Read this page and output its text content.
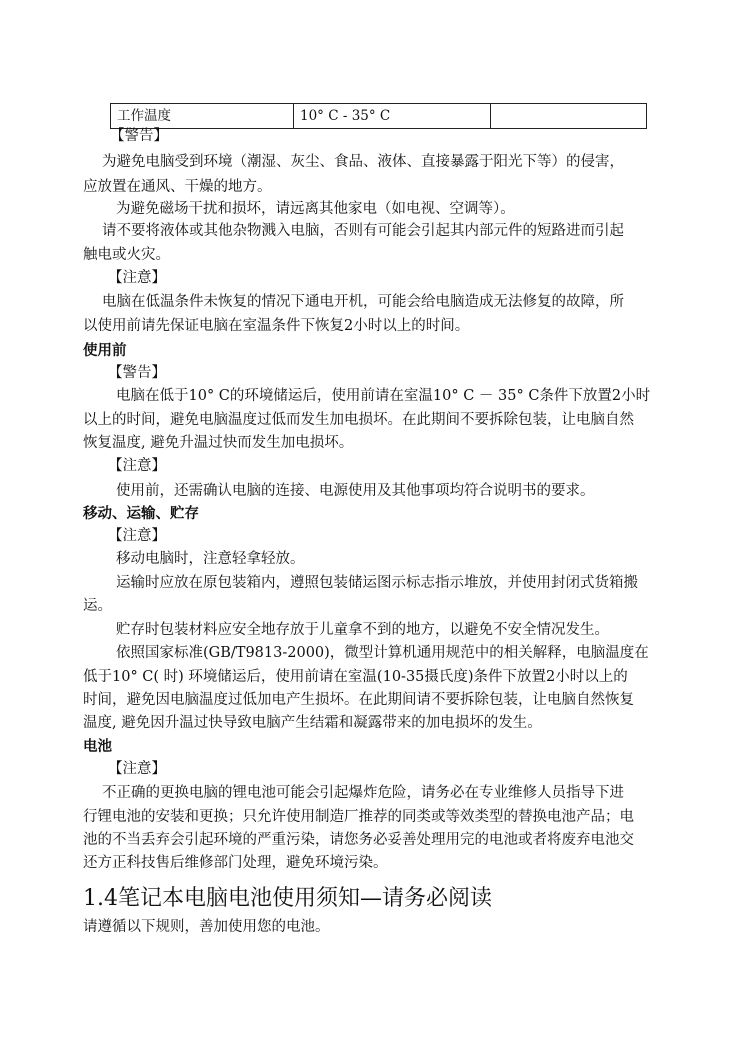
工作温度	10° C - 35° C	
【警告】
为避免电脑受到环境（潮湿、灰尘、食品、液体、直接暴露于阳光下等）的侵害，
应放置在通风、干燥的地方。
为避免磁场干扰和损坏，请远离其他家电（如电视、空调等）。
请不要将液体或其他杂物溅入电脑，否则有可能会引起其内部元件的短路进而引起
触电或火灾。
【注意】
电脑在低温条件未恢复的情况下通电开机，可能会给电脑造成无法修复的故障，所
以使用前请先保证电脑在室温条件下恢复2小时以上的时间。
使用前
【警告】
电脑在低于10° C的环境储运后，使用前请在室温10° C － 35° C条件下放置2小时
以上的时间，避免电脑温度过低而发生加电损坏。在此期间不要拆除包装，让电脑自然
恢复温度, 避免升温过快而发生加电损坏。
【注意】
使用前，还需确认电脑的连接、电源使用及其他事项均符合说明书的要求。
移动、运输、贮存
【注意】
移动电脑时，注意轻拿轻放。
运输时应放在原包装箱内，遵照包装储运图示标志指示堆放，并使用封闭式货箱搬
运。
贮存时包装材料应安全地存放于儿童拿不到的地方，以避免不安全情况发生。
依照国家标准(GB/T9813-2000)，微型计算机通用规范中的相关解释，电脑温度在
低于10° C( 时) 环境储运后，使用前请在室温(10-35摄氏度)条件下放置2小时以上的
时间，避免因电脑温度过低加电产生损坏。在此期间请不要拆除包装，让电脑自然恢复
温度, 避免因升温过快导致电脑产生结霜和凝露带来的加电损坏的发生。
电池
【注意】
不正确的更换电脑的锂电池可能会引起爆炸危险，请务必在专业维修人员指导下进
行锂电池的安装和更换；只允许使用制造厂推荐的同类或等效类型的替换电池产品；电
池的不当丢弃会引起环境的严重污染，请您务必妥善处理用完的电池或者将废弃电池交
还方正科技售后维修部门处理，避免环境污染。
1.4笔记本电脑电池使用须知—请务必阅读
请遵循以下规则，善加使用您的电池。
